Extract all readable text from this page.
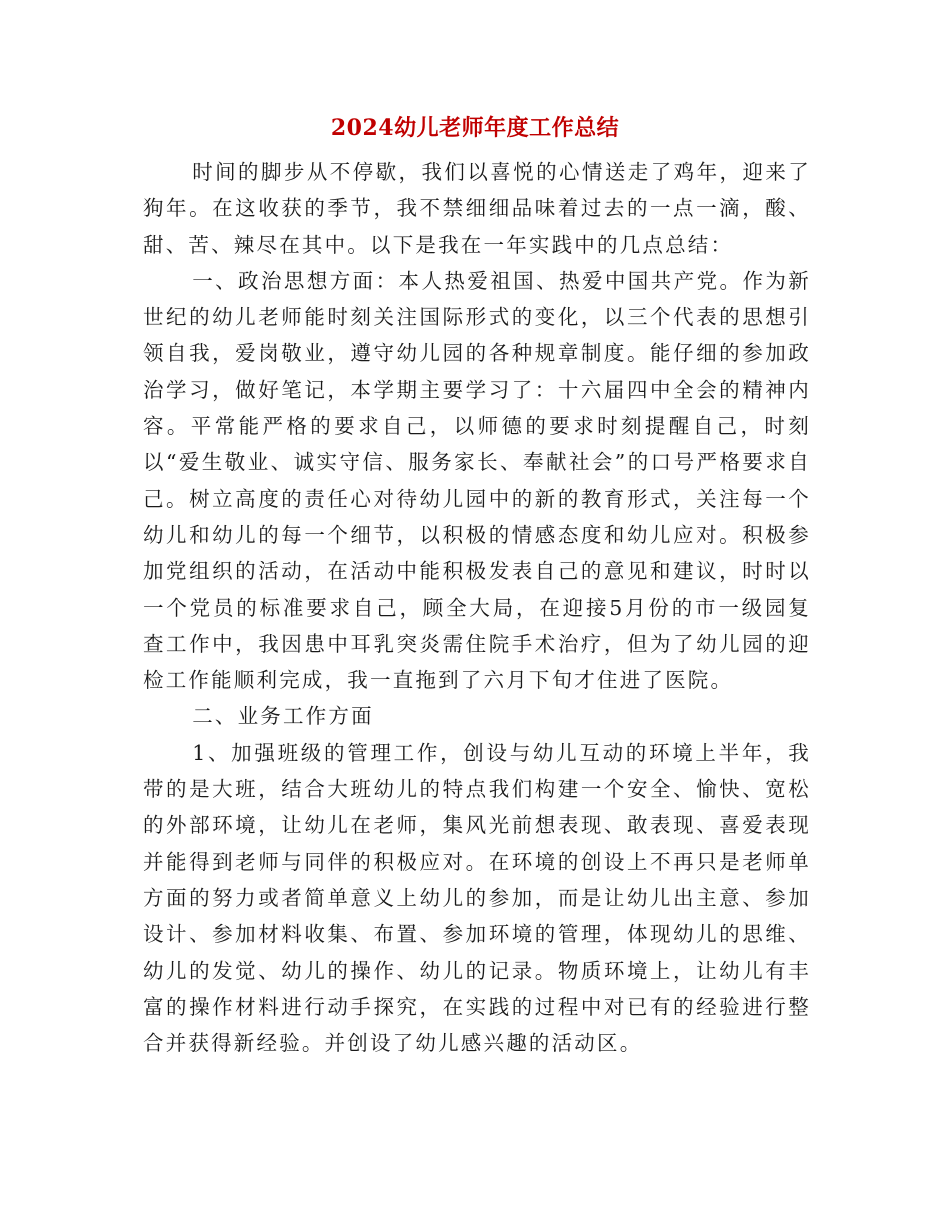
2024幼儿老师年度工作总结

时间的脚步从不停歇，我们以喜悦的心情送走了鸡年，迎来了狗年。在这收获的季节，我不禁细细品味着过去的一点一滴，酸、甜、苦、辣尽在其中。以下是我在一年实践中的几点总结：

一、政治思想方面：本人热爱祖国、热爱中国共产党。作为新世纪的幼儿老师能时刻关注国际形式的变化，以三个代表的思想引领自我，爱岗敬业，遵守幼儿园的各种规章制度。能仔细的参加政治学习，做好笔记，本学期主要学习了：十六届四中全会的精神内容。平常能严格的要求自己，以师德的要求时刻提醒自己，时刻以“爱生敬业、诚实守信、服务家长、奉献社会”的口号严格要求自己。树立高度的责任心对待幼儿园中的新的教育形式，关注每一个幼儿和幼儿的每一个细节，以积极的情感态度和幼儿应对。积极参加党组织的活动，在活动中能积极发表自己的意见和建议，时时以一个党员的标准要求自己，顾全大局，在迎接5月份的市一级园复查工作中，我因患中耳乳突炎需住院手术治疗，但为了幼儿园的迎检工作能顺利完成，我一直拖到了六月下旬才住进了医院。

二、业务工作方面

1、加强班级的管理工作，创设与幼儿互动的环境上半年，我带的是大班，结合大班幼儿的特点我们构建一个安全、愉快、宽松的外部环境，让幼儿在老师，集风光前想表现、敢表现、喜爱表现并能得到老师与同伴的积极应对。在环境的创设上不再只是老师单方面的努力或者简单意义上幼儿的参加，而是让幼儿出主意、参加设计、参加材料收集、布置、参加环境的管理，体现幼儿的思维、幼儿的发觉、幼儿的操作、幼儿的记录。物质环境上，让幼儿有丰富的操作材料进行动手探究，在实践的过程中对已有的经验进行整合并获得新经验。并创设了幼儿感兴趣的活动区。
